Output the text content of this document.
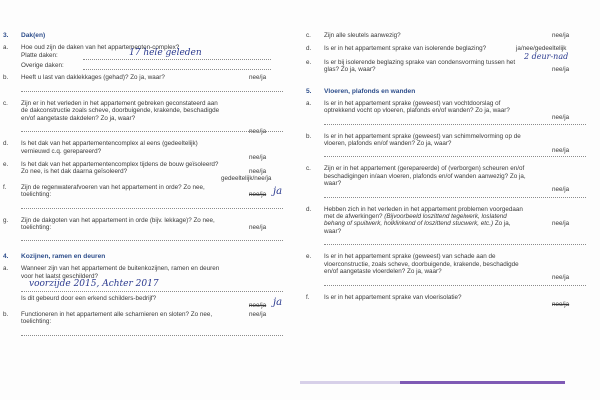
3. Dak(en)
a. Hoe oud zijn de daken van het appartementen-complex?
Platte daken:	17 hele geleden
Overige daken:
b. Heeft u last van daklekkages (gehad)? Zo ja, waar?	nee/ja
c. Zijn er in het verleden in het appartement gebreken geconstateerd aan de dakconstructie zoals scheve, doorbuigende, krakende, beschadigde en/of aangetaste dakdelen? Zo ja, waar?
nee/ja
d. Is het dak van het appartementencomplex al eens (gedeeltelijk) vernieuwd c.q. gerepareerd?
nee/ja
e. Is het dak van het appartementencomplex tijdens de bouw geïsoleerd? Zo nee, is het dak daarna geïsoleerd?	nee/ja
gedeeltelijk/nee/ja
f. Zijn de regenwaterafvoeren van het appartement in orde? Zo nee, toelichting:	nee/ja ja
g. Zijn de dakgoten van het appartement in orde (bijv. lekkage)? Zo nee, toelichting:	nee/ja
4. Kozijnen, ramen en deuren
a. Wanneer zijn van het appartement de buitenkozijnen, ramen en deuren voor het laatst geschilderd?
voorzijde 2015, Achter 2017
Is dit gebeurd door een erkend schilders-bedrijf?
nee/ja ja
b. Functioneren in het appartement alle scharnieren en sloten? Zo nee, toelichting:
nee/ja
c. Zijn alle sleutels aanwezig?	nee/ja
d. Is er in het appartement sprake van isolerende beglazing?	ja/nee/gedeeltelijk
2 deur-nad
e. Is er bij isolerende beglazing sprake van condensvorming tussen het glas? Zo ja, waar?	nee/ja
5. Vloeren, plafonds en wanden
a. Is er in het appartement sprake (geweest) van vochtdoorslag of optrekkend vocht op vloeren, plafonds en/of wanden? Zo ja, waar?
nee/ja
b. Is er in het appartement sprake (geweest) van schimmelvorming op de vloeren, plafonds en/of wanden? Zo ja, waar?
nee/ja
c. Zijn er in het appartement (gerepareerde) of (verborgen) scheuren en/of beschadigingen in/aan vloeren, plafonds en/of wanden aanwezig? Zo ja, waar?
nee/ja
d. Hebben zich in het verleden in het appartement problemen voorgedaan met de afwerkingen? (Bijvoorbeeld loszittend tegelwerk, loslatend behang of spuitwerk, holklinkend of loszittend stucwerk, etc.) Zo ja, waar?
nee/ja
e. Is er in het appartement sprake (geweest) van schade aan de vloerconstructie, zoals scheve, doorbuigende, krakende, beschadigde en/of aangetaste vloerdelen? Zo ja, waar?
nee/ja
f. Is er in het appartement sprake van vloerisolatie?
nee/ja
